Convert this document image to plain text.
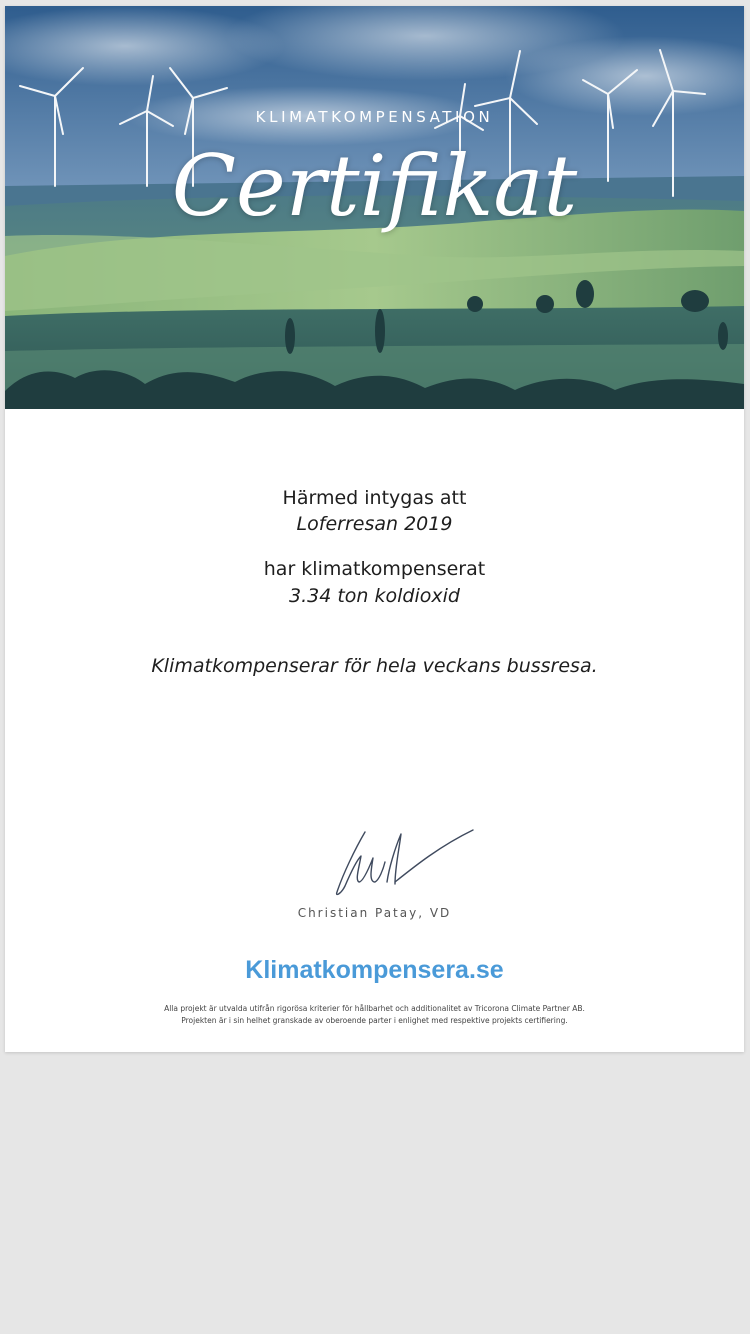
KLIMATKOMPENSATION
Certifikat
Härmed intygas att
Loferresan 2019
har klimatkompenserat
3.34 ton koldioxid
Klimatkompenserar för hela veckans bussresa.
Christian Patay, VD
Klimatkompensera.se
Alla projekt är utvalda utifrån rigorösa kriterier för hållbarhet och additionalitet av Tricorona Climate Partner AB.
Projekten är i sin helhet granskade av oberoende parter i enlighet med respektive projekts certifiering.
